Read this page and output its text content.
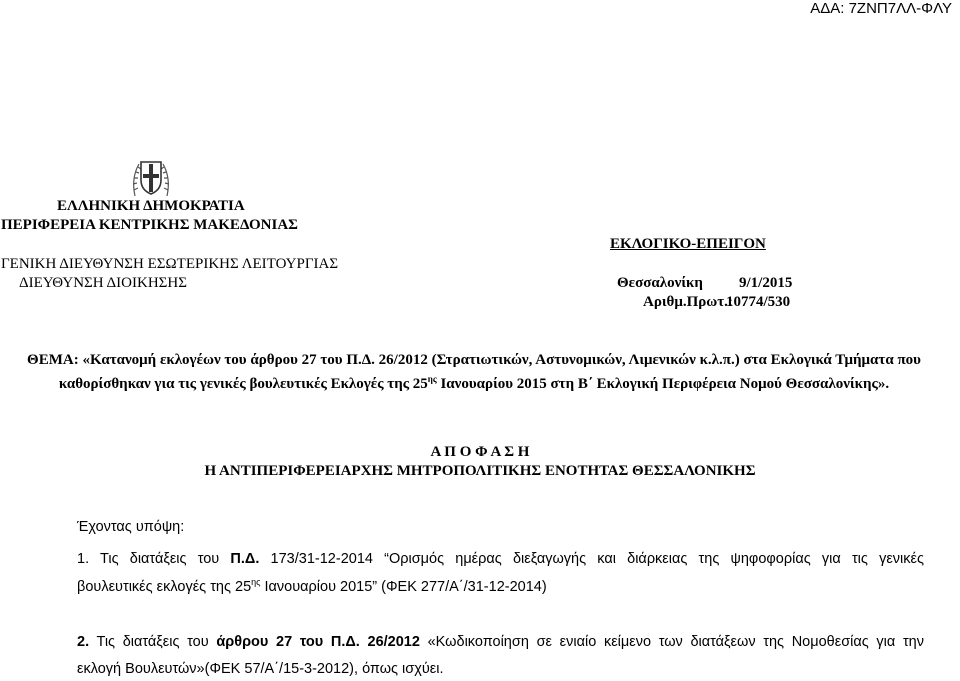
ΑΔΑ: 7ΖΝΠ7ΛΛ-ΦΛΥ
ΕΛΛΗΝΙΚΗ ΔΗΜΟΚΡΑΤΙΑ
ΠΕΡΙΦΕΡΕΙΑ ΚΕΝΤΡΙΚΗΣ ΜΑΚΕΔΟΝΙΑΣ
ΓΕΝΙΚΗ ΔΙΕΥΘΥΝΣΗ ΕΣΩΤΕΡΙΚΗΣ ΛΕΙΤΟΥΡΓΙΑΣ
ΔΙΕΥΘΥΝΣΗ ΔΙΟΙΚΗΣΗΣ
ΕΚΛΟΓΙΚΟ-ΕΠΕΙΓΟΝ
Θεσσαλονίκη 9/1/2015
Αριθμ.Πρωτ.:
10774/530
ΘΕΜΑ: «Κατανομή εκλογέων του άρθρου 27 του Π.Δ. 26/2012 (Στρατιωτικών, Αστυνομικών, Λιμενικών κ.λ.π.) στα Εκλογικά Τμήματα που καθορίσθηκαν για τις γενικές βουλευτικές Εκλογές της $25^{\eta\varsigma}$ Ιανουαρίου 2015 στη Β΄ Εκλογική Περιφέρεια Νομού Θεσσαλονίκης».
Α Π Ο Φ Α Σ Η
Η ΑΝΤΙΠΕΡΙΦΕΡΕΙΑΡΧΗΣ ΜΗΤΡΟΠΟΛΙΤΙΚΗΣ ΕΝΟΤΗΤΑΣ ΘΕΣΣΑΛΟΝΙΚΗΣ
Έχοντας υπόψη:
1. Τις διατάξεις του Π.Δ. 173/31-12-2014 “Ορισμός ημέρας διεξαγωγής και διάρκειας της ψηφοφορίας για τις γενικές
βουλευτικές εκλογές της $25^{\eta\varsigma}$ Ιανουαρίου 2015” (ΦΕΚ 277/Α΄/31-12-2014)
2. Τις διατάξεις του άρθρου 27 του Π.Δ. 26/2012 «Κωδικοποίηση σε ενιαίο κείμενο των διατάξεων της Νομοθεσίας για την
εκλογή Βουλευτών»(ΦΕΚ 57/Α΄/15-3-2012), όπως ισχύει.
